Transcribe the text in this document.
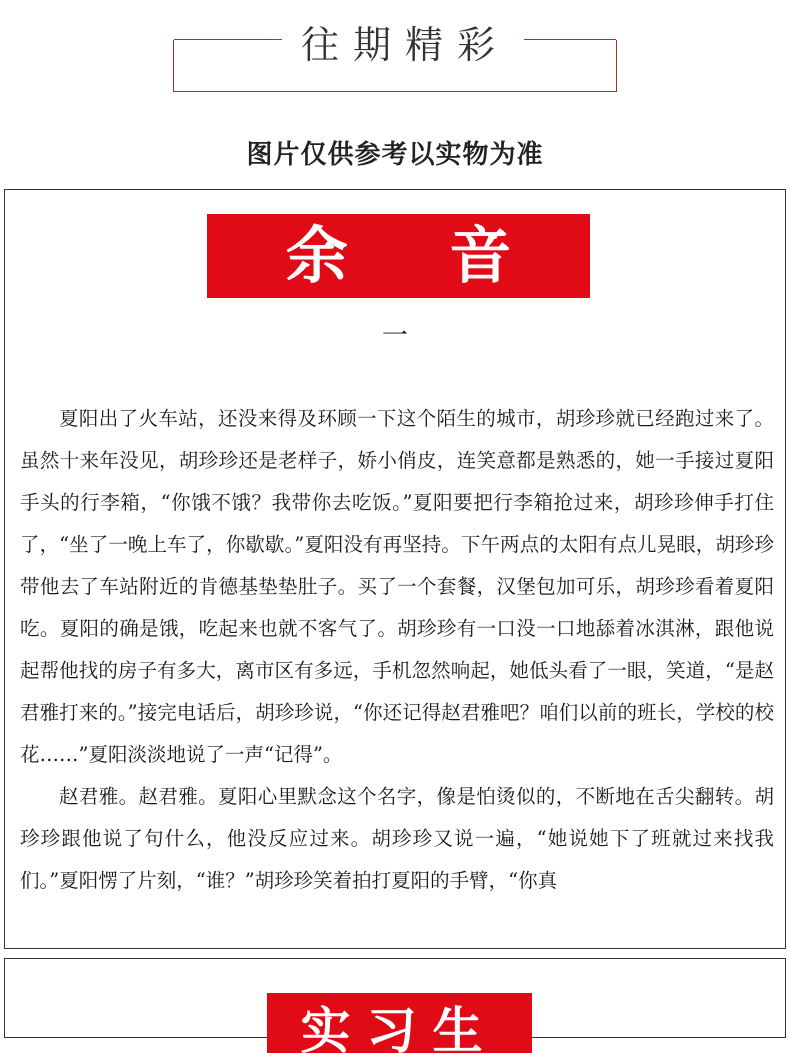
往期精彩
图片仅供参考以实物为准
余 音
一

夏阳出了火车站，还没来得及环顾一下这个陌生的城市，胡珍珍就已经跑过来了。虽然十来年没见，胡珍珍还是老样子，娇小俏皮，连笑意都是熟悉的，她一手接过夏阳手头的行李箱，“你饿不饿？我带你去吃饭。”夏阳要把行李箱抢过来，胡珍珍伸手打住了，“坐了一晚上车了，你歇歇。”夏阳没有再坚持。下午两点的太阳有点儿晃眼，胡珍珍带他去了车站附近的肯德基垫垫肚子。买了一个套餐，汉堡包加可乐，胡珍珍看着夏阳吃。夏阳的确是饿，吃起来也就不客气了。胡珍珍有一口没一口地舔着冰淇淋，跟他说起帮他找的房子有多大，离市区有多远，手机忽然响起，她低头看了一眼，笑道，“是赵君雅打来的。”接完电话后，胡珍珍说，“你还记得赵君雅吧？咱们以前的班长，学校的校花……”夏阳淡淡地说了一声“记得”。

赵君雅。赵君雅。夏阳心里默念这个名字，像是怕烫似的，不断地在舌尖翻转。胡珍珍跟他说了句什么，他没反应过来。胡珍珍又说一遍，“她说她下了班就过来找我们。”夏阳愣了片刻，“谁？”胡珍珍笑着拍打夏阳的手臂，“你真

实习生
